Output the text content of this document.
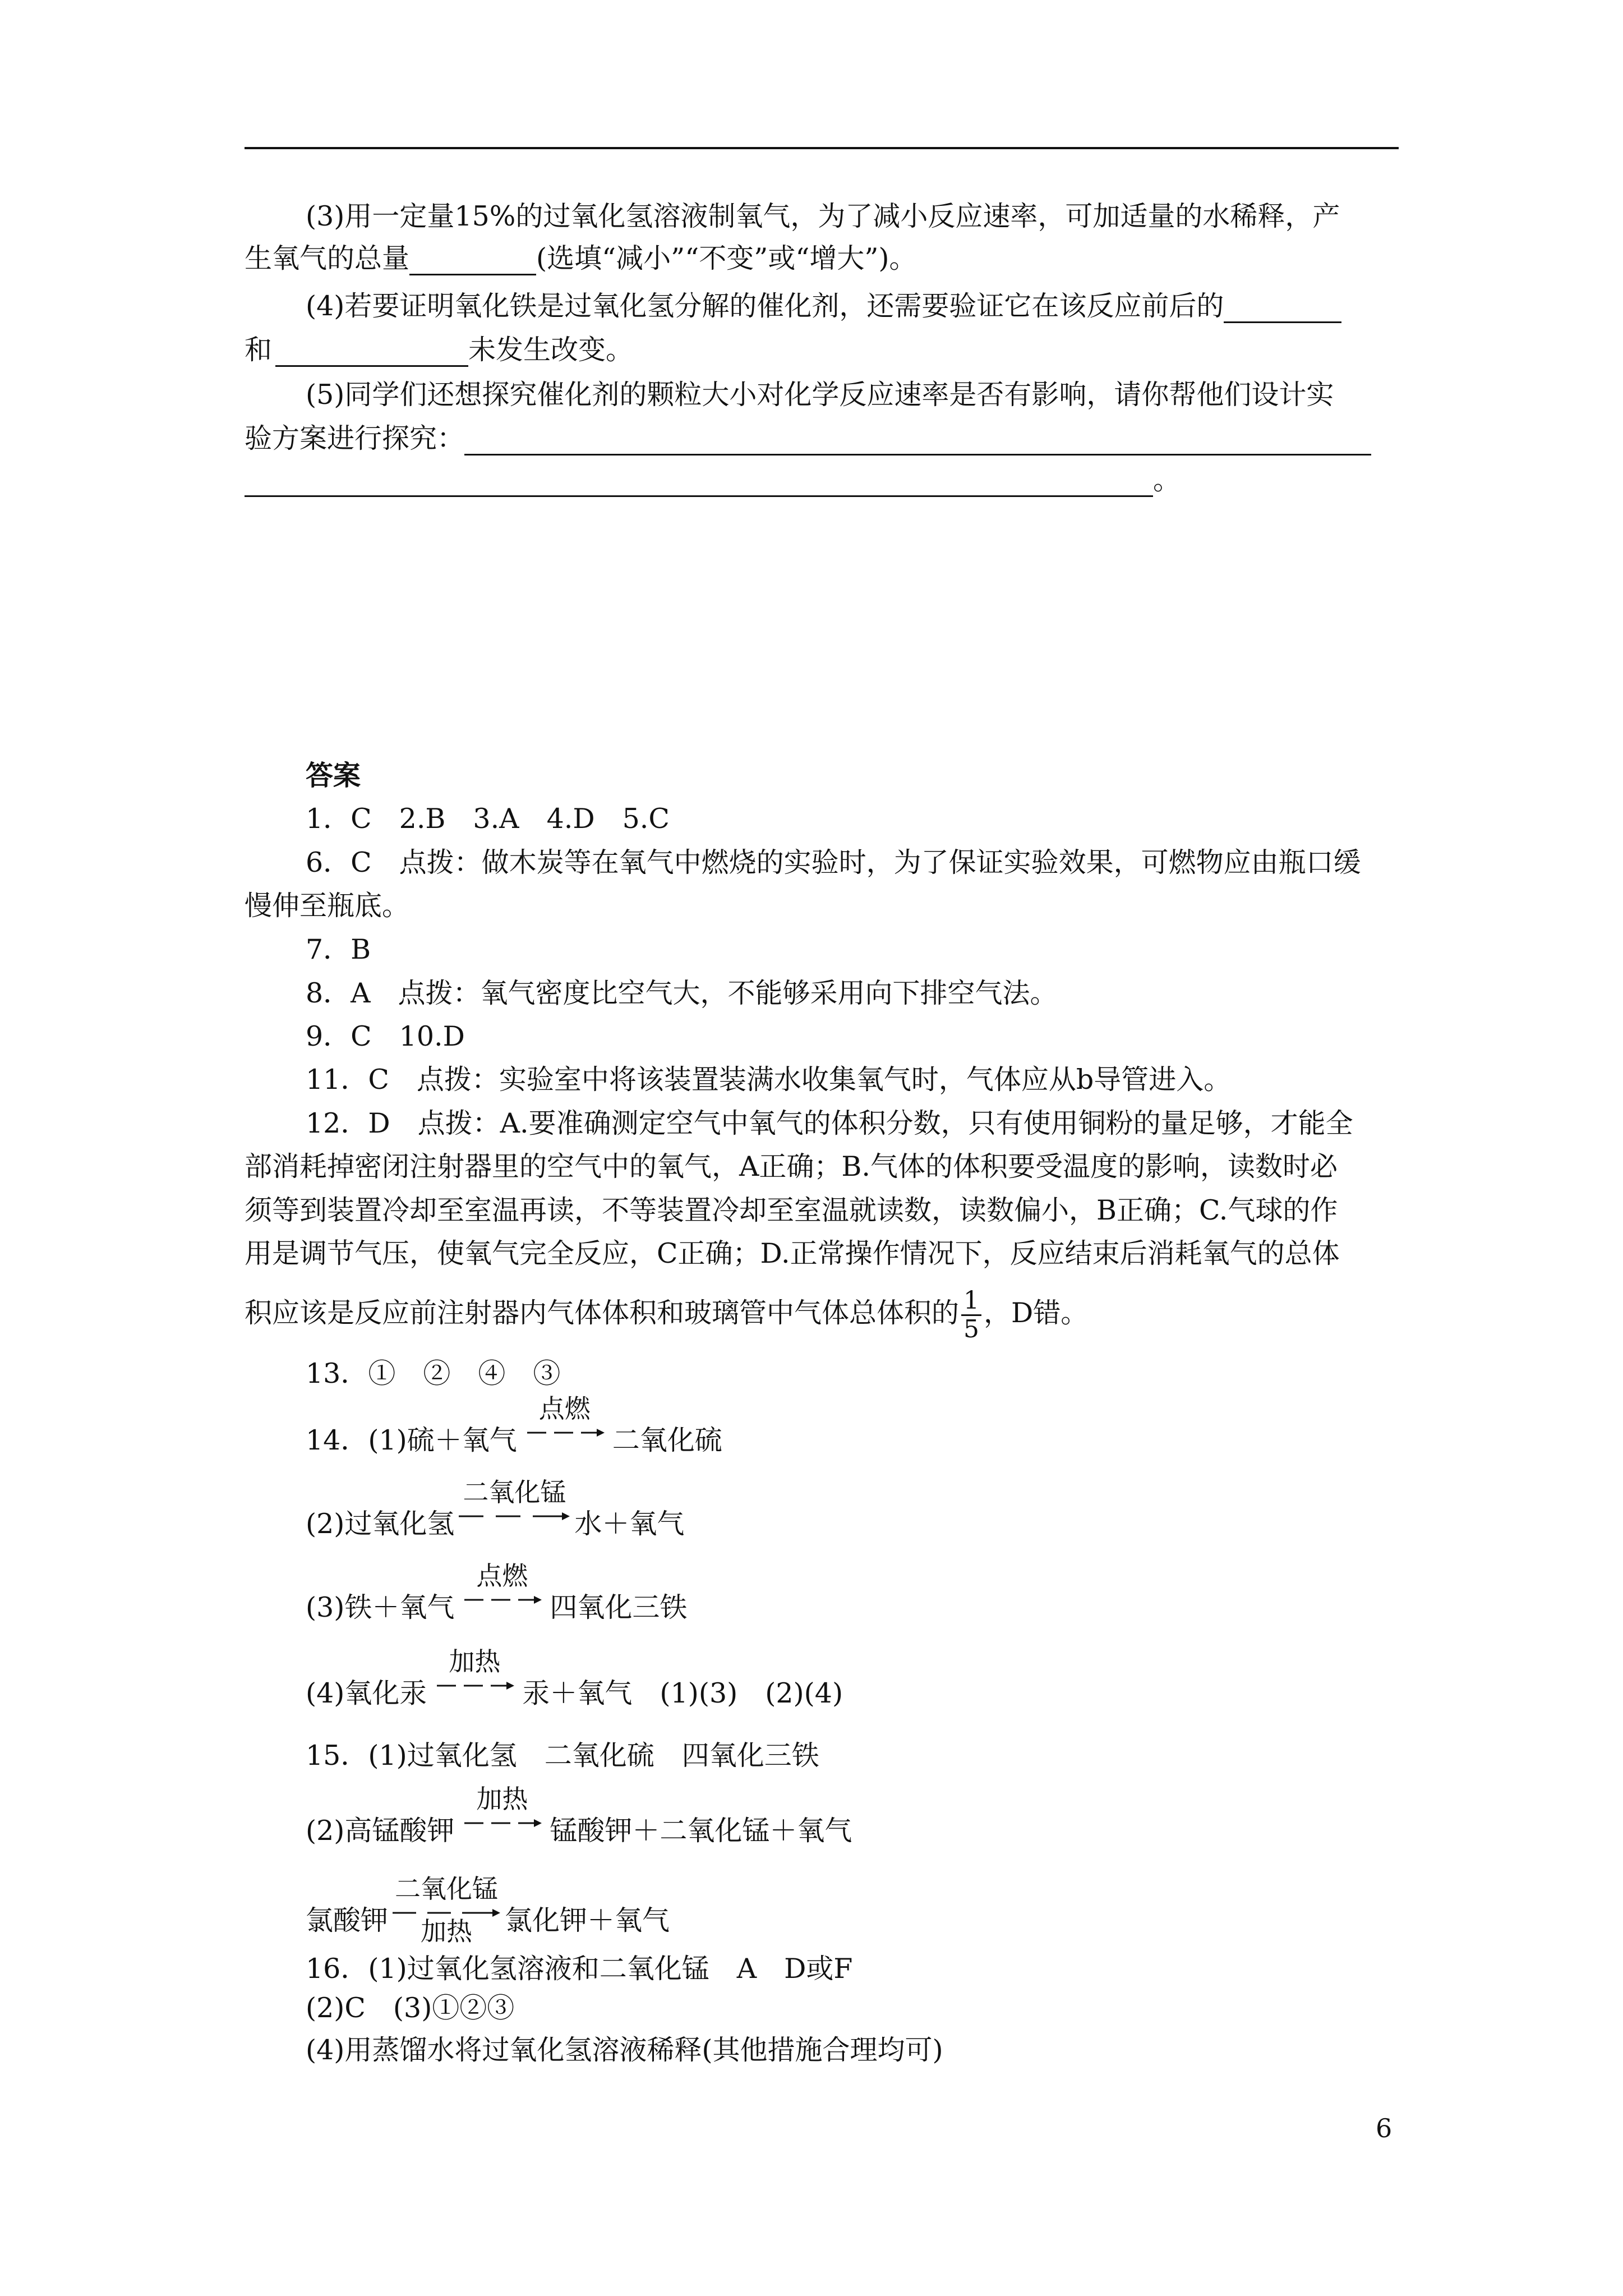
(3)用一定量15%的过氧化氢溶液制氧气，为了减小反应速率，可加适量的水稀释，产
生氧气的总量	(选填“减小”“不变”或“增大”)。
(4)若要证明氧化铁是过氧化氢分解的催化剂，还需要验证它在该反应前后的
和	未发生改变。
(5)同学们还想探究催化剂的颗粒大小对化学反应速率是否有影响，请你帮他们设计实
验方案进行探究：
。
答案
1．C　2.B　3.A　4.D　5.C
6．C　点拨：做木炭等在氧气中燃烧的实验时，为了保证实验效果，可燃物应由瓶口缓
慢伸至瓶底。
7．B
8．A　点拨：氧气密度比空气大，不能够采用向下排空气法。
9．C　10.D
11．C　点拨：实验室中将该装置装满水收集氧气时，气体应从b导管进入。
12．D　点拨：A.要准确测定空气中氧气的体积分数，只有使用铜粉的量足够，才能全
部消耗掉密闭注射器里的空气中的氧气，A正确；B.气体的体积要受温度的影响，读数时必
须等到装置冷却至室温再读，不等装置冷却至室温就读数，读数偏小，B正确；C.气球的作
用是调节气压，使氧气完全反应，C正确；D.正常操作情况下，反应结束后消耗氧气的总体
积应该是反应前注射器内气体体积和玻璃管中气体总体积的 $\frac{1}{5}$ ，D错。
13．①　②　④　③
14．(1)硫＋氧气
点燃
二氧化硫
(2)过氧化氢
二氧化锰
水＋氧气
(3)铁＋氧气
点燃
四氧化三铁
(4)氧化汞
加热
汞＋氧气　(1)(3)　(2)(4)
15．(1)过氧化氢　二氧化硫　四氧化三铁
(2)高锰酸钾
加热
锰酸钾＋二氧化锰＋氧气
氯酸钾
二氧化锰
加热	氯化钾＋氧气
16．(1)过氧化氢溶液和二氧化锰　A　D或F
(2)C　(3)①②③
(4)用蒸馏水将过氧化氢溶液稀释(其他措施合理均可)
6
